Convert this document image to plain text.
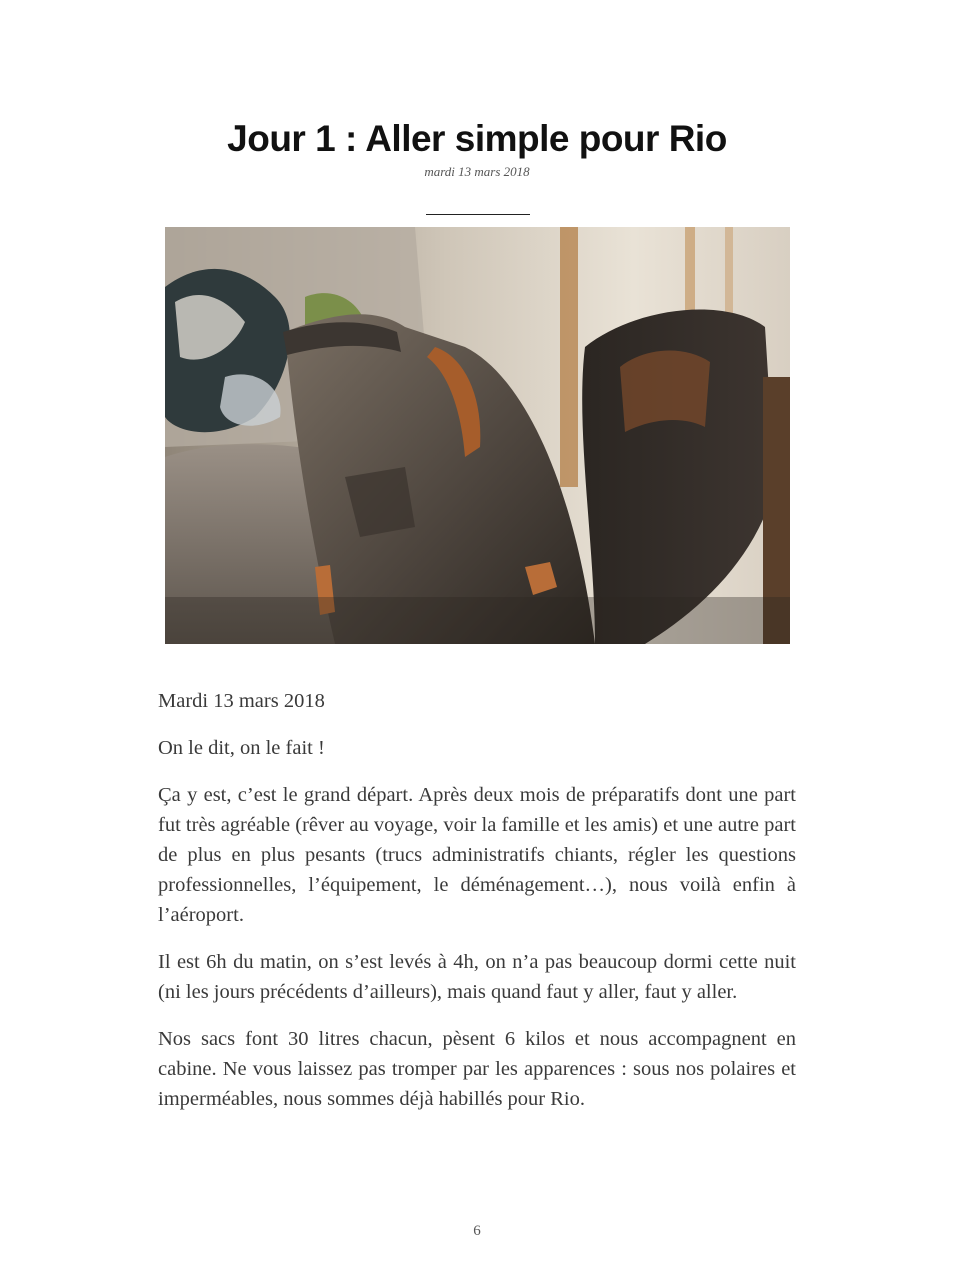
Jour 1 : Aller simple pour Rio
mardi 13 mars 2018

Mardi 13 mars 2018

On le dit, on le fait !

Ça y est, c’est le grand départ. Après deux mois de préparatifs dont une part fut très agréable (rêver au voyage, voir la famille et les amis) et une autre part de plus en plus pesants (trucs administratifs chiants, régler les questions professionnelles, l’équipement, le déménagement…), nous voilà enfin à l’aéroport.

Il est 6h du matin, on s’est levés à 4h, on n’a pas beaucoup dormi cette nuit (ni les jours précédents d’ailleurs), mais quand faut y aller, faut y aller.

Nos sacs font 30 litres chacun, pèsent 6 kilos et nous accompagnent en cabine. Ne vous laissez pas tromper par les apparences : sous nos polaires et imperméables, nous sommes déjà habillés pour Rio.

6
